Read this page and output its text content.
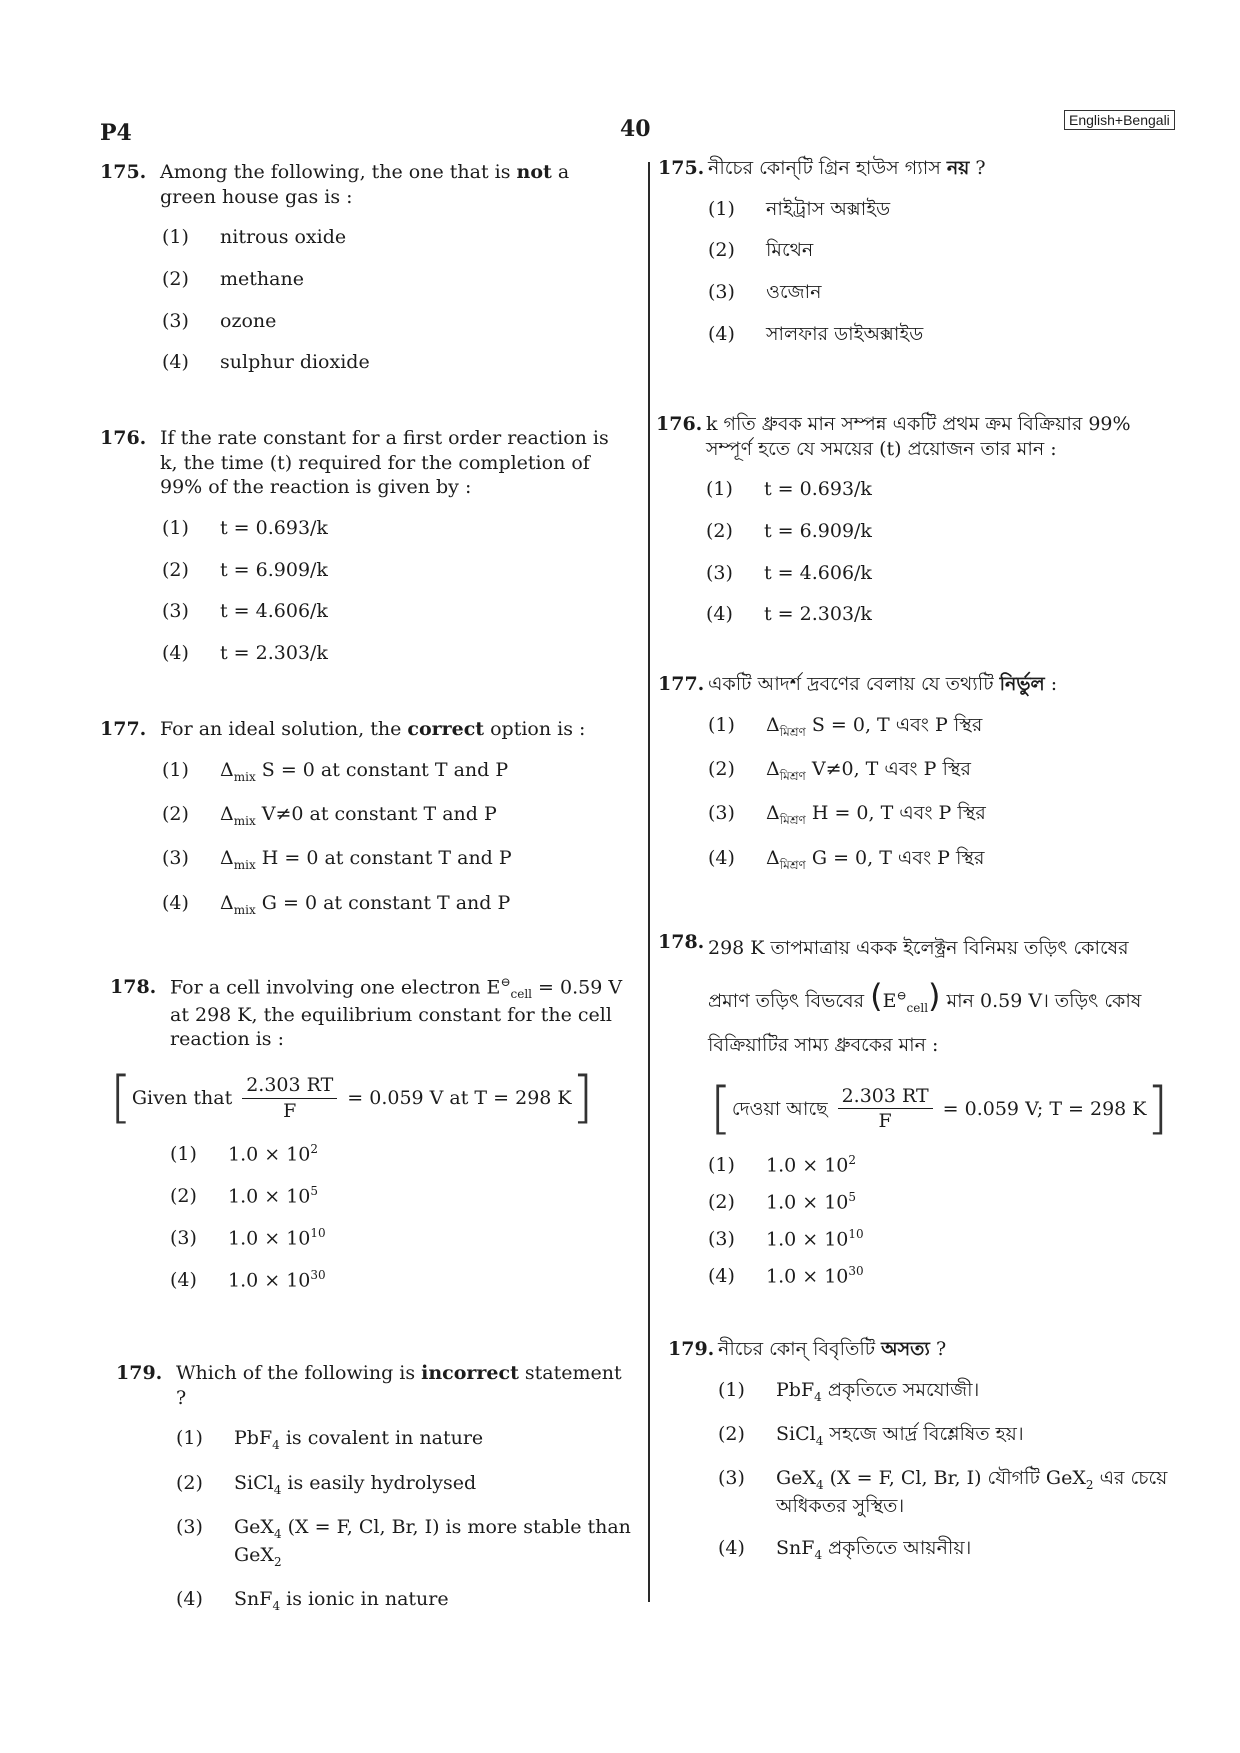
P4	40	English+Bengali
175. Among the following, the one that is not a green house gas is :
(1)	nitrous oxide
(2)	methane
(3)	ozone
(4)	sulphur dioxide
176. If the rate constant for a first order reaction is k, the time (t) required for the completion of 99% of the reaction is given by :
(1)	t = 0.693/k
(2)	t = 6.909/k
(3)	t = 4.606/k
(4)	t = 2.303/k
177. For an ideal solution, the correct option is :
(1)	$\Delta_{mix}$ S = 0 at constant T and P
(2)	$\Delta_{mix}$ V≠0 at constant T and P
(3)	$\Delta_{mix}$ H = 0 at constant T and P
(4)	$\Delta_{mix}$ G = 0 at constant T and P
178. For a cell involving one electron $E^⊖_{cell} = 0.59$ V at 298 K, the equilibrium constant for the cell reaction is :
[ Given that $\frac{2.303 RT}{F} = 0.059$ V at T = 298 K ]
(1)	$1.0 \times 10^2$
(2)	$1.0 \times 10^5$
(3)	$1.0 \times 10^{10}$
(4)	$1.0 \times 10^{30}$
179. Which of the following is incorrect statement ?
(1)	PbF$_4$ is covalent in nature
(2)	SiCl$_4$ is easily hydrolysed
(3)	GeX$_4$ (X = F, Cl, Br, I) is more stable than GeX$_2$
(4)	SnF$_4$ is ionic in nature
175. নীচের কোন্‌টি গ্রিন হাউস গ্যাস নয় ?
(1)	নাইট্রাস অক্সাইড
(2)	মিথেন
(3)	ওজোন
(4)	সালফার ডাইঅক্সাইড
176. k গতি ধ্রুবক মান সম্পন্ন একটি প্রথম ক্রম বিক্রিয়ার 99% সম্পূর্ণ হতে যে সময়ের (t) প্রয়োজন তার মান :
(1)	t = 0.693/k
(2)	t = 6.909/k
(3)	t = 4.606/k
(4)	t = 2.303/k
177. একটি আদর্শ দ্রবণের বেলায় যে তথ্যটি নির্ভুল :
(1)	$\Delta_{মিশ্রণ}$ S = 0, T এবং P স্থির
(2)	$\Delta_{মিশ্রণ}$ V≠0, T এবং P স্থির
(3)	$\Delta_{মিশ্রণ}$ H = 0, T এবং P স্থির
(4)	$\Delta_{মিশ্রণ}$ G = 0, T এবং P স্থির
178. 298 K তাপমাত্রায় একক ইলেক্ট্রন বিনিময় তড়িৎ কোষের
প্রমাণ তড়িৎ বিভবের $(E^⊖_{cell})$ মান 0.59 V। তড়িৎ কোষ
বিক্রিয়াটির সাম্য ধ্রুবকের মান :
[ দেওয়া আছে $\frac{2.303 RT}{F} = 0.059$ V; T = 298 K ]
(1)	$1.0 \times 10^2$
(2)	$1.0 \times 10^5$
(3)	$1.0 \times 10^{10}$
(4)	$1.0 \times 10^{30}$
179. নীচের কোন্‌ বিবৃতিটি অসত্য ?
(1)	PbF$_4$ প্রকৃতিতে সমযোজী।
(2)	SiCl$_4$ সহজে আর্দ্র বিশ্লেষিত হয়।
(3)	GeX$_4$ (X = F, Cl, Br, I) যৌগটি GeX$_2$ এর চেয়ে অধিকতর সুস্থিত।
(4)	SnF$_4$ প্রকৃতিতে আয়নীয়।
